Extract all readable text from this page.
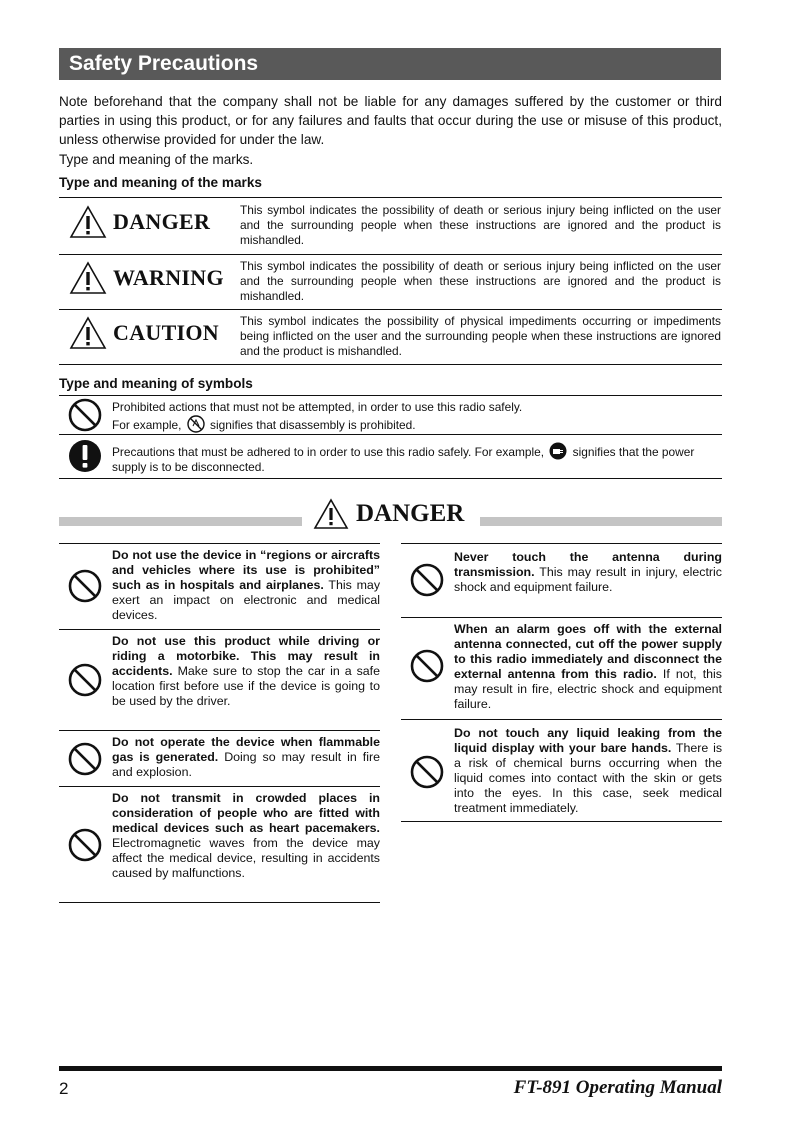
Safety Precautions

Note beforehand that the company shall not be liable for any damages suffered by the customer or third parties in using this product, or for any failures and faults that occur during the use or misuse of this product, unless otherwise provided for under the law.

Type and meaning of the marks.

Type and meaning of the marks
DANGER	This symbol indicates the possibility of death or serious injury being inflicted on the user and the surrounding people when these instructions are ignored and the product is mishandled.
WARNING This symbol indicates the possibility of death or serious injury being inflicted on the user and the surrounding people when these instructions are ignored and the product is mishandled.
CAUTION This symbol indicates the possibility of physical impediments occurring or impediments being inflicted on the user and the surrounding people when these instructions are ignored and the product is mishandled.
Type and meaning of symbols
Prohibited actions that must not be attempted, in order to use this radio safely.
For example, signifies that disassembly is prohibited.
Precautions that must be adhered to in order to use this radio safely. For example, signifies that the power supply is to be disconnected.
DANGER
Do not use the device in “regions or aircrafts and vehicles where its use is prohibited” such as in hospitals and airplanes. This may exert an impact on electronic and medical devices.
Do not use this product while driving or riding a motorbike. This may result in accidents. Make sure to stop the car in a safe location first before use if the device is going to be used by the driver.
Do not operate the device when flammable gas is generated. Doing so may result in fire and explosion.
Do not transmit in crowded places in consideration of people who are fitted with medical devices such as heart pacemakers. Electromagnetic waves from the device may affect the medical device, resulting in accidents caused by malfunctions.
Never touch the antenna during transmission. This may result in injury, electric shock and equipment failure.
When an alarm goes off with the external antenna connected, cut off the power supply to this radio immediately and disconnect the external antenna from this radio. If not, this may result in fire, electric shock and equipment failure.
Do not touch any liquid leaking from the liquid display with your bare hands. There is a risk of chemical burns occurring when the liquid comes into contact with the skin or gets into the eyes. In this case, seek medical treatment immediately.
2	FT-891 Operating Manual
